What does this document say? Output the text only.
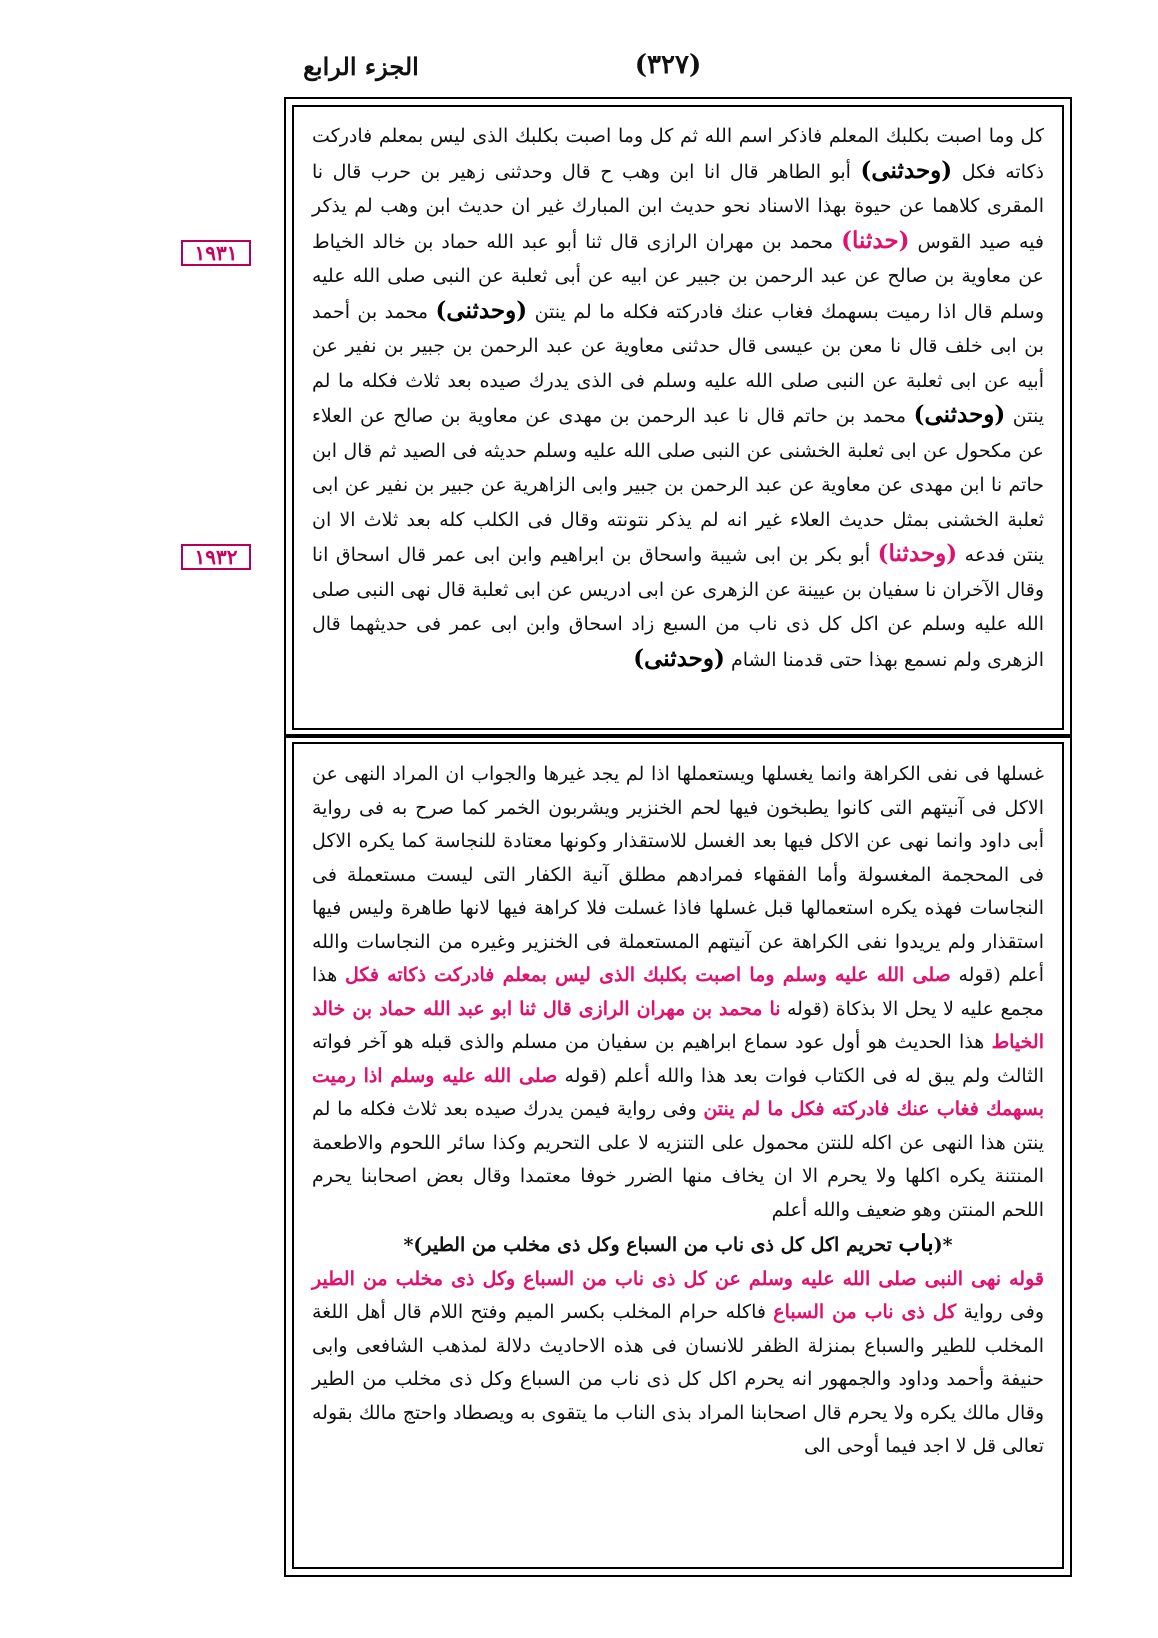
الجزء الرابع	(٣٢٧)
١٩٣١
١٩٣٢

كل وما اصبت بكلبك المعلم فاذكر اسم الله ثم كل وما اصبت بكلبك الذى ليس بمعلم فادركت ذكاته فكل (وحدثنى) أبو الطاهر قال انا ابن وهب ح قال وحدثنى زهير بن حرب قال نا المقرى كلاهما عن حيوة بهذا الاسناد نحو حديث ابن المبارك غير ان حديث ابن وهب لم يذكر فيه صيد القوس (حدثنا) محمد بن مهران الرازى قال ثنا أبو عبد الله حماد بن خالد الخياط عن معاوية بن صالح عن عبد الرحمن بن جبير عن ابيه عن أبى ثعلبة عن النبى صلى الله عليه وسلم قال اذا رميت بسهمك فغاب عنك فادركته فكله ما لم ينتن (وحدثنى) محمد بن أحمد بن ابى خلف قال نا معن بن عيسى قال حدثنى معاوية عن عبد الرحمن بن جبير بن نفير عن أبيه عن ابى ثعلبة عن النبى صلى الله عليه وسلم فى الذى يدرك صيده بعد ثلاث فكله ما لم ينتن (وحدثنى) محمد بن حاتم قال نا عبد الرحمن بن مهدى عن معاوية بن صالح عن العلاء عن مكحول عن ابى ثعلبة الخشنى عن النبى صلى الله عليه وسلم حديثه فى الصيد ثم قال ابن حاتم نا ابن مهدى عن معاوية عن عبد الرحمن بن جبير وابى الزاهرية عن جبير بن نفير عن ابى ثعلبة الخشنى بمثل حديث العلاء غير انه لم يذكر نتونته وقال فى الكلب كله بعد ثلاث الا ان ينتن فدعه (وحدثنا) أبو بكر بن ابى شيبة واسحاق بن ابراهيم وابن ابى عمر قال اسحاق انا وقال الآخران نا سفيان بن عيينة عن الزهرى عن ابى ادريس عن ابى ثعلبة قال نهى النبى صلى الله عليه وسلم عن اكل كل ذى ناب من السبع زاد اسحاق وابن ابى عمر فى حديثهما قال الزهرى ولم نسمع بهذا حتى قدمنا الشام (وحدثنى)

غسلها فى نفى الكراهة وانما يغسلها ويستعملها اذا لم يجد غيرها والجواب ان المراد النهى عن الاكل فى آنيتهم التى كانوا يطبخون فيها لحم الخنزير ويشربون الخمر كما صرح به فى رواية أبى داود وانما نهى عن الاكل فيها بعد الغسل للاستقذار وكونها معتادة للنجاسة كما يكره الاكل فى المحجمة المغسولة وأما الفقهاء فمرادهم مطلق آنية الكفار التى ليست مستعملة فى النجاسات فهذه يكره استعمالها قبل غسلها فاذا غسلت فلا كراهة فيها لانها طاهرة وليس فيها استقذار ولم يريدوا نفى الكراهة عن آنيتهم المستعملة فى الخنزير وغيره من النجاسات والله أعلم (قوله صلى الله عليه وسلم وما اصبت بكلبك الذى ليس بمعلم فادركت ذكاته فكل هذا مجمع عليه لا يحل الا بذكاة (قوله نا محمد بن مهران الرازى قال ثنا ابو عبد الله حماد بن خالد الخياط هذا الحديث هو أول عود سماع ابراهيم بن سفيان من مسلم والذى قبله هو آخر فواته الثالث ولم يبق له فى الكتاب فوات بعد هذا والله أعلم (قوله صلى الله عليه وسلم اذا رميت بسهمك فغاب عنك فادركته فكل ما لم ينتن وفى رواية فيمن يدرك صيده بعد ثلاث فكله ما لم ينتن هذا النهى عن اكله للنتن محمول على التنزيه لا على التحريم وكذا سائر اللحوم والاطعمة المنتنة يكره اكلها ولا يحرم الا ان يخاف منها الضرر خوفا معتمدا وقال بعض اصحابنا يحرم اللحم المنتن وهو ضعيف والله أعلم

*(باب تحريم اكل كل ذى ناب من السباع وكل ذى مخلب من الطير)*

قوله نهى النبى صلى الله عليه وسلم عن كل ذى ناب من السباع وكل ذى مخلب من الطير وفى رواية كل ذى ناب من السباع فاكله حرام المخلب بكسر الميم وفتح اللام قال أهل اللغة المخلب للطير والسباع بمنزلة الظفر للانسان فى هذه الاحاديث دلالة لمذهب الشافعى وابى حنيفة وأحمد وداود والجمهور انه يحرم اكل كل ذى ناب من السباع وكل ذى مخلب من الطير وقال مالك يكره ولا يحرم قال اصحابنا المراد بذى الناب ما يتقوى به ويصطاد واحتج مالك بقوله تعالى قل لا اجد فيما أوحى الى
